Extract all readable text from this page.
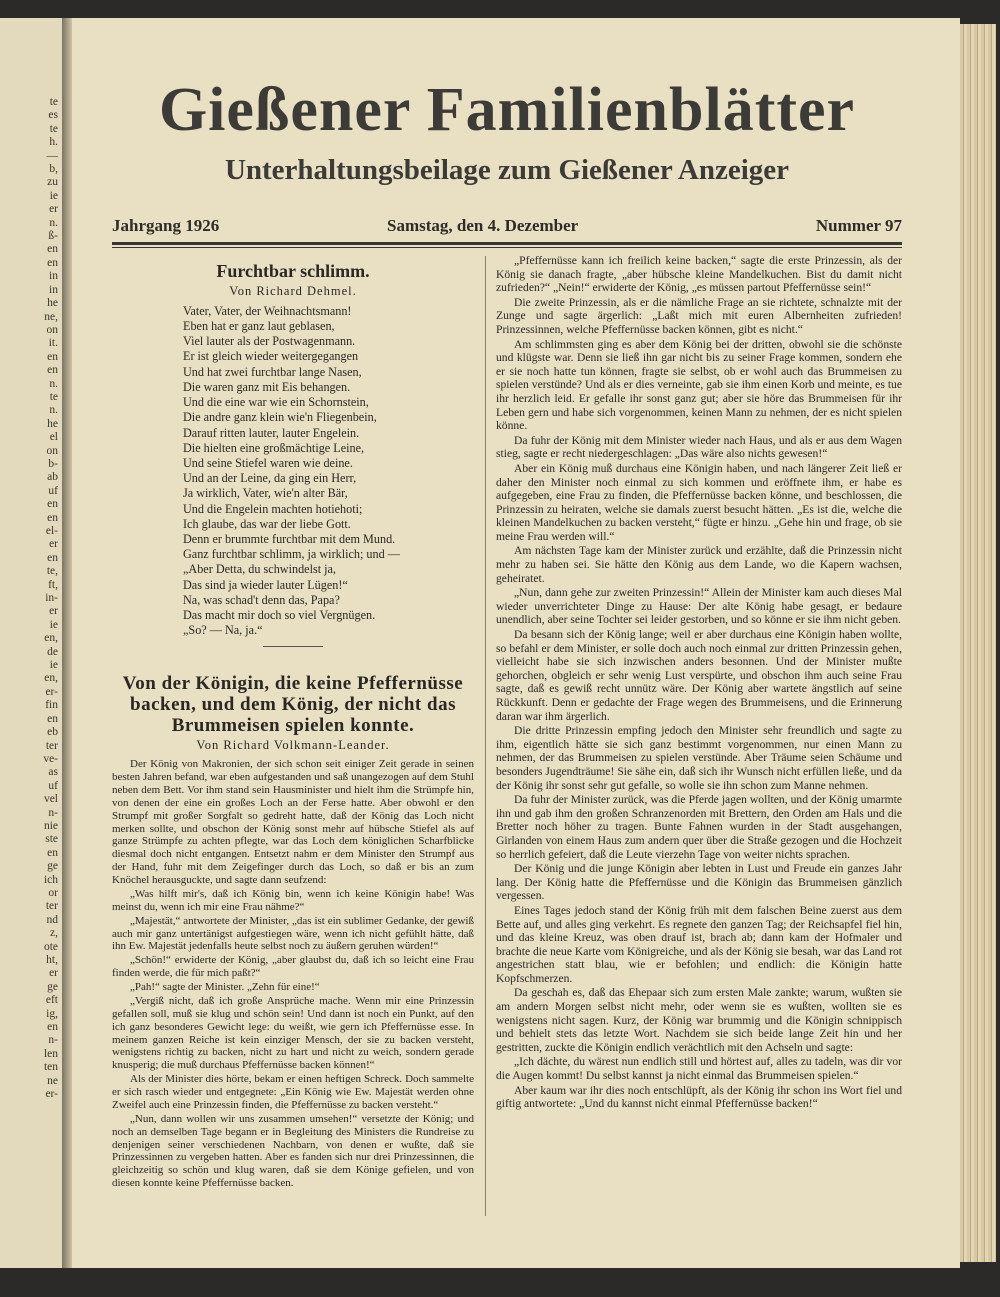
te
es
te
h.
—
b,
zu
ie
er
n.
ß-
en
en
in
in
he
ne,
on
it.
en
en
n.
te
n.
he
el
on
b-
ab
uf
en
en
el-
er
en
te,
ft,
in-
er
ie
en,
de
ie
en,
er-
fin
en
eb
ter
ve-
as
uf
vel
n-
nie
ste
en
ge
ich
or
ter
nd
z,
ote
ht,
er
ge
eft
ig,
en
n-
len
ten
ne
er-
Gießener Familienblätter
Unterhaltungsbeilage zum Gießener Anzeiger
Jahrgang 1926	Samstag, den 4. Dezember	Nummer 97
Furchtbar schlimm.
Von Richard Dehmel.
Vater, Vater, der Weihnachtsmann!
Eben hat er ganz laut geblasen,
Viel lauter als der Postwagenmann.
Er ist gleich wieder weitergegangen
Und hat zwei furchtbar lange Nasen,
Die waren ganz mit Eis behangen.
Und die eine war wie ein Schornstein,
Die andre ganz klein wie'n Fliegenbein,
Darauf ritten lauter, lauter Engelein.
Die hielten eine großmächtige Leine,
Und seine Stiefel waren wie deine.
Und an der Leine, da ging ein Herr,
Ja wirklich, Vater, wie'n alter Bär,
Und die Engelein machten hotiehoti;
Ich glaube, das war der liebe Gott.
Denn er brummte furchtbar mit dem Mund.
Ganz furchtbar schlimm, ja wirklich; und —
„Aber Detta, du schwindelst ja,
Das sind ja wieder lauter Lügen!“
Na, was schad't denn das, Papa?
Das macht mir doch so viel Vergnügen.
„So? — Na, ja.“
Von der Königin, die keine Pfeffernüsse backen, und dem König, der nicht das Brummeisen spielen konnte.
Von Richard Volkmann-Leander.
Der König von Makronien, der sich schon seit einiger Zeit gerade in seinen besten Jahren befand, war eben aufgestanden und saß unangezogen auf dem Stuhl neben dem Bett. Vor ihm stand sein Hausminister und hielt ihm die Strümpfe hin, von denen der eine ein großes Loch an der Ferse hatte. Aber obwohl er den Strumpf mit großer Sorgfalt so gedreht hatte, daß der König das Loch nicht merken sollte, und obschon der König sonst mehr auf hübsche Stiefel als auf ganze Strümpfe zu achten pflegte, war das Loch dem königlichen Scharfblicke diesmal doch nicht entgangen. Entsetzt nahm er dem Minister den Strumpf aus der Hand, fuhr mit dem Zeigefinger durch das Loch, so daß er bis an zum Knöchel herausguckte, und sagte dann seufzend:
„Was hilft mir's, daß ich König bin, wenn ich keine Königin habe! Was meinst du, wenn ich mir eine Frau nähme?“
„Majestät,“ antwortete der Minister, „das ist ein sublimer Gedanke, der gewiß auch mir ganz untertänigst aufgestiegen wäre, wenn ich nicht gefühlt hätte, daß ihn Ew. Majestät jedenfalls heute selbst noch zu äußern geruhen würden!“
„Schön!“ erwiderte der König, „aber glaubst du, daß ich so leicht eine Frau finden werde, die für mich paßt?“
„Pah!“ sagte der Minister. „Zehn für eine!“
„Vergiß nicht, daß ich große Ansprüche mache. Wenn mir eine Prinzessin gefallen soll, muß sie klug und schön sein! Und dann ist noch ein Punkt, auf den ich ganz besonderes Gewicht lege: du weißt, wie gern ich Pfeffernüsse esse. In meinem ganzen Reiche ist kein einziger Mensch, der sie zu backen versteht, wenigstens richtig zu backen, nicht zu hart und nicht zu weich, sondern gerade knusperig; die muß durchaus Pfeffernüsse backen können!“
Als der Minister dies hörte, bekam er einen heftigen Schreck. Doch sammelte er sich rasch wieder und entgegnete: „Ein König wie Ew. Majestät werden ohne Zweifel auch eine Prinzessin finden, die Pfeffernüsse zu backen versteht.“
„Nun, dann wollen wir uns zusammen umsehen!“ versetzte der König; und noch an demselben Tage begann er in Begleitung des Ministers die Rundreise zu denjenigen seiner verschiedenen Nachbarn, von denen er wußte, daß sie Prinzessinnen zu vergeben hatten. Aber es fanden sich nur drei Prinzessinnen, die gleichzeitig so schön und klug waren, daß sie dem Könige gefielen, und von diesen konnte keine Pfeffernüsse backen.
„Pfeffernüsse kann ich freilich keine backen,“ sagte die erste Prinzessin, als der König sie danach fragte, „aber hübsche kleine Mandelkuchen. Bist du damit nicht zufrieden?“ „Nein!“ erwiderte der König, „es müssen partout Pfeffernüsse sein!“
Die zweite Prinzessin, als er die nämliche Frage an sie richtete, schnalzte mit der Zunge und sagte ärgerlich: „Laßt mich mit euren Albernheiten zufrieden! Prinzessinnen, welche Pfeffernüsse backen können, gibt es nicht.“
Am schlimmsten ging es aber dem König bei der dritten, obwohl sie die schönste und klügste war. Denn sie ließ ihn gar nicht bis zu seiner Frage kommen, sondern ehe er sie noch hatte tun können, fragte sie selbst, ob er wohl auch das Brummeisen zu spielen verstünde? Und als er dies verneinte, gab sie ihm einen Korb und meinte, es tue ihr herzlich leid. Er gefalle ihr sonst ganz gut; aber sie höre das Brummeisen für ihr Leben gern und habe sich vorgenommen, keinen Mann zu nehmen, der es nicht spielen könne.
Da fuhr der König mit dem Minister wieder nach Haus, und als er aus dem Wagen stieg, sagte er recht niedergeschlagen: „Das wäre also nichts gewesen!“
Aber ein König muß durchaus eine Königin haben, und nach längerer Zeit ließ er daher den Minister noch einmal zu sich kommen und eröffnete ihm, er habe es aufgegeben, eine Frau zu finden, die Pfeffernüsse backen könne, und beschlossen, die Prinzessin zu heiraten, welche sie damals zuerst besucht hätten. „Es ist die, welche die kleinen Mandelkuchen zu backen versteht,“ fügte er hinzu. „Gehe hin und frage, ob sie meine Frau werden will.“
Am nächsten Tage kam der Minister zurück und erzählte, daß die Prinzessin nicht mehr zu haben sei. Sie hätte den König aus dem Lande, wo die Kapern wachsen, geheiratet.
„Nun, dann gehe zur zweiten Prinzessin!“ Allein der Minister kam auch dieses Mal wieder unverrichteter Dinge zu Hause: Der alte König habe gesagt, er bedaure unendlich, aber seine Tochter sei leider gestorben, und so könne er sie ihm nicht geben.
Da besann sich der König lange; weil er aber durchaus eine Königin haben wollte, so befahl er dem Minister, er solle doch auch noch einmal zur dritten Prinzessin gehen, vielleicht habe sie sich inzwischen anders besonnen. Und der Minister mußte gehorchen, obgleich er sehr wenig Lust verspürte, und obschon ihm auch seine Frau sagte, daß es gewiß recht unnütz wäre. Der König aber wartete ängstlich auf seine Rückkunft. Denn er gedachte der Frage wegen des Brummeisens, und die Erinnerung daran war ihm ärgerlich.
Die dritte Prinzessin empfing jedoch den Minister sehr freundlich und sagte zu ihm, eigentlich hätte sie sich ganz bestimmt vorgenommen, nur einen Mann zu nehmen, der das Brummeisen zu spielen verstünde. Aber Träume seien Schäume und besonders Jugendträume! Sie sähe ein, daß sich ihr Wunsch nicht erfüllen ließe, und da der König ihr sonst sehr gut gefalle, so wolle sie ihn schon zum Manne nehmen.
Da fuhr der Minister zurück, was die Pferde jagen wollten, und der König umarmte ihn und gab ihm den großen Schranzenorden mit Brettern, den Orden am Hals und die Bretter noch höher zu tragen. Bunte Fahnen wurden in der Stadt ausgehangen, Girlanden von einem Haus zum andern quer über die Straße gezogen und die Hochzeit so herrlich gefeiert, daß die Leute vierzehn Tage von weiter nichts sprachen.
Der König und die junge Königin aber lebten in Lust und Freude ein ganzes Jahr lang. Der König hatte die Pfeffernüsse und die Königin das Brummeisen gänzlich vergessen.
Eines Tages jedoch stand der König früh mit dem falschen Beine zuerst aus dem Bette auf, und alles ging verkehrt. Es regnete den ganzen Tag; der Reichsapfel fiel hin, und das kleine Kreuz, was oben drauf ist, brach ab; dann kam der Hofmaler und brachte die neue Karte vom Königreiche, und als der König sie besah, war das Land rot angestrichen statt blau, wie er befohlen; und endlich: die Königin hatte Kopfschmerzen.
Da geschah es, daß das Ehepaar sich zum ersten Male zankte; warum, wußten sie am andern Morgen selbst nicht mehr, oder wenn sie es wußten, wollten sie es wenigstens nicht sagen. Kurz, der König war brummig und die Königin schnippisch und behielt stets das letzte Wort. Nachdem sie sich beide lange Zeit hin und her gestritten, zuckte die Königin endlich verächtlich mit den Achseln und sagte:
„Ich dächte, du wärest nun endlich still und hörtest auf, alles zu tadeln, was dir vor die Augen kommt! Du selbst kannst ja nicht einmal das Brummeisen spielen.“
Aber kaum war ihr dies noch entschlüpft, als der König ihr schon ins Wort fiel und giftig antwortete: „Und du kannst nicht einmal Pfeffernüsse backen!“
